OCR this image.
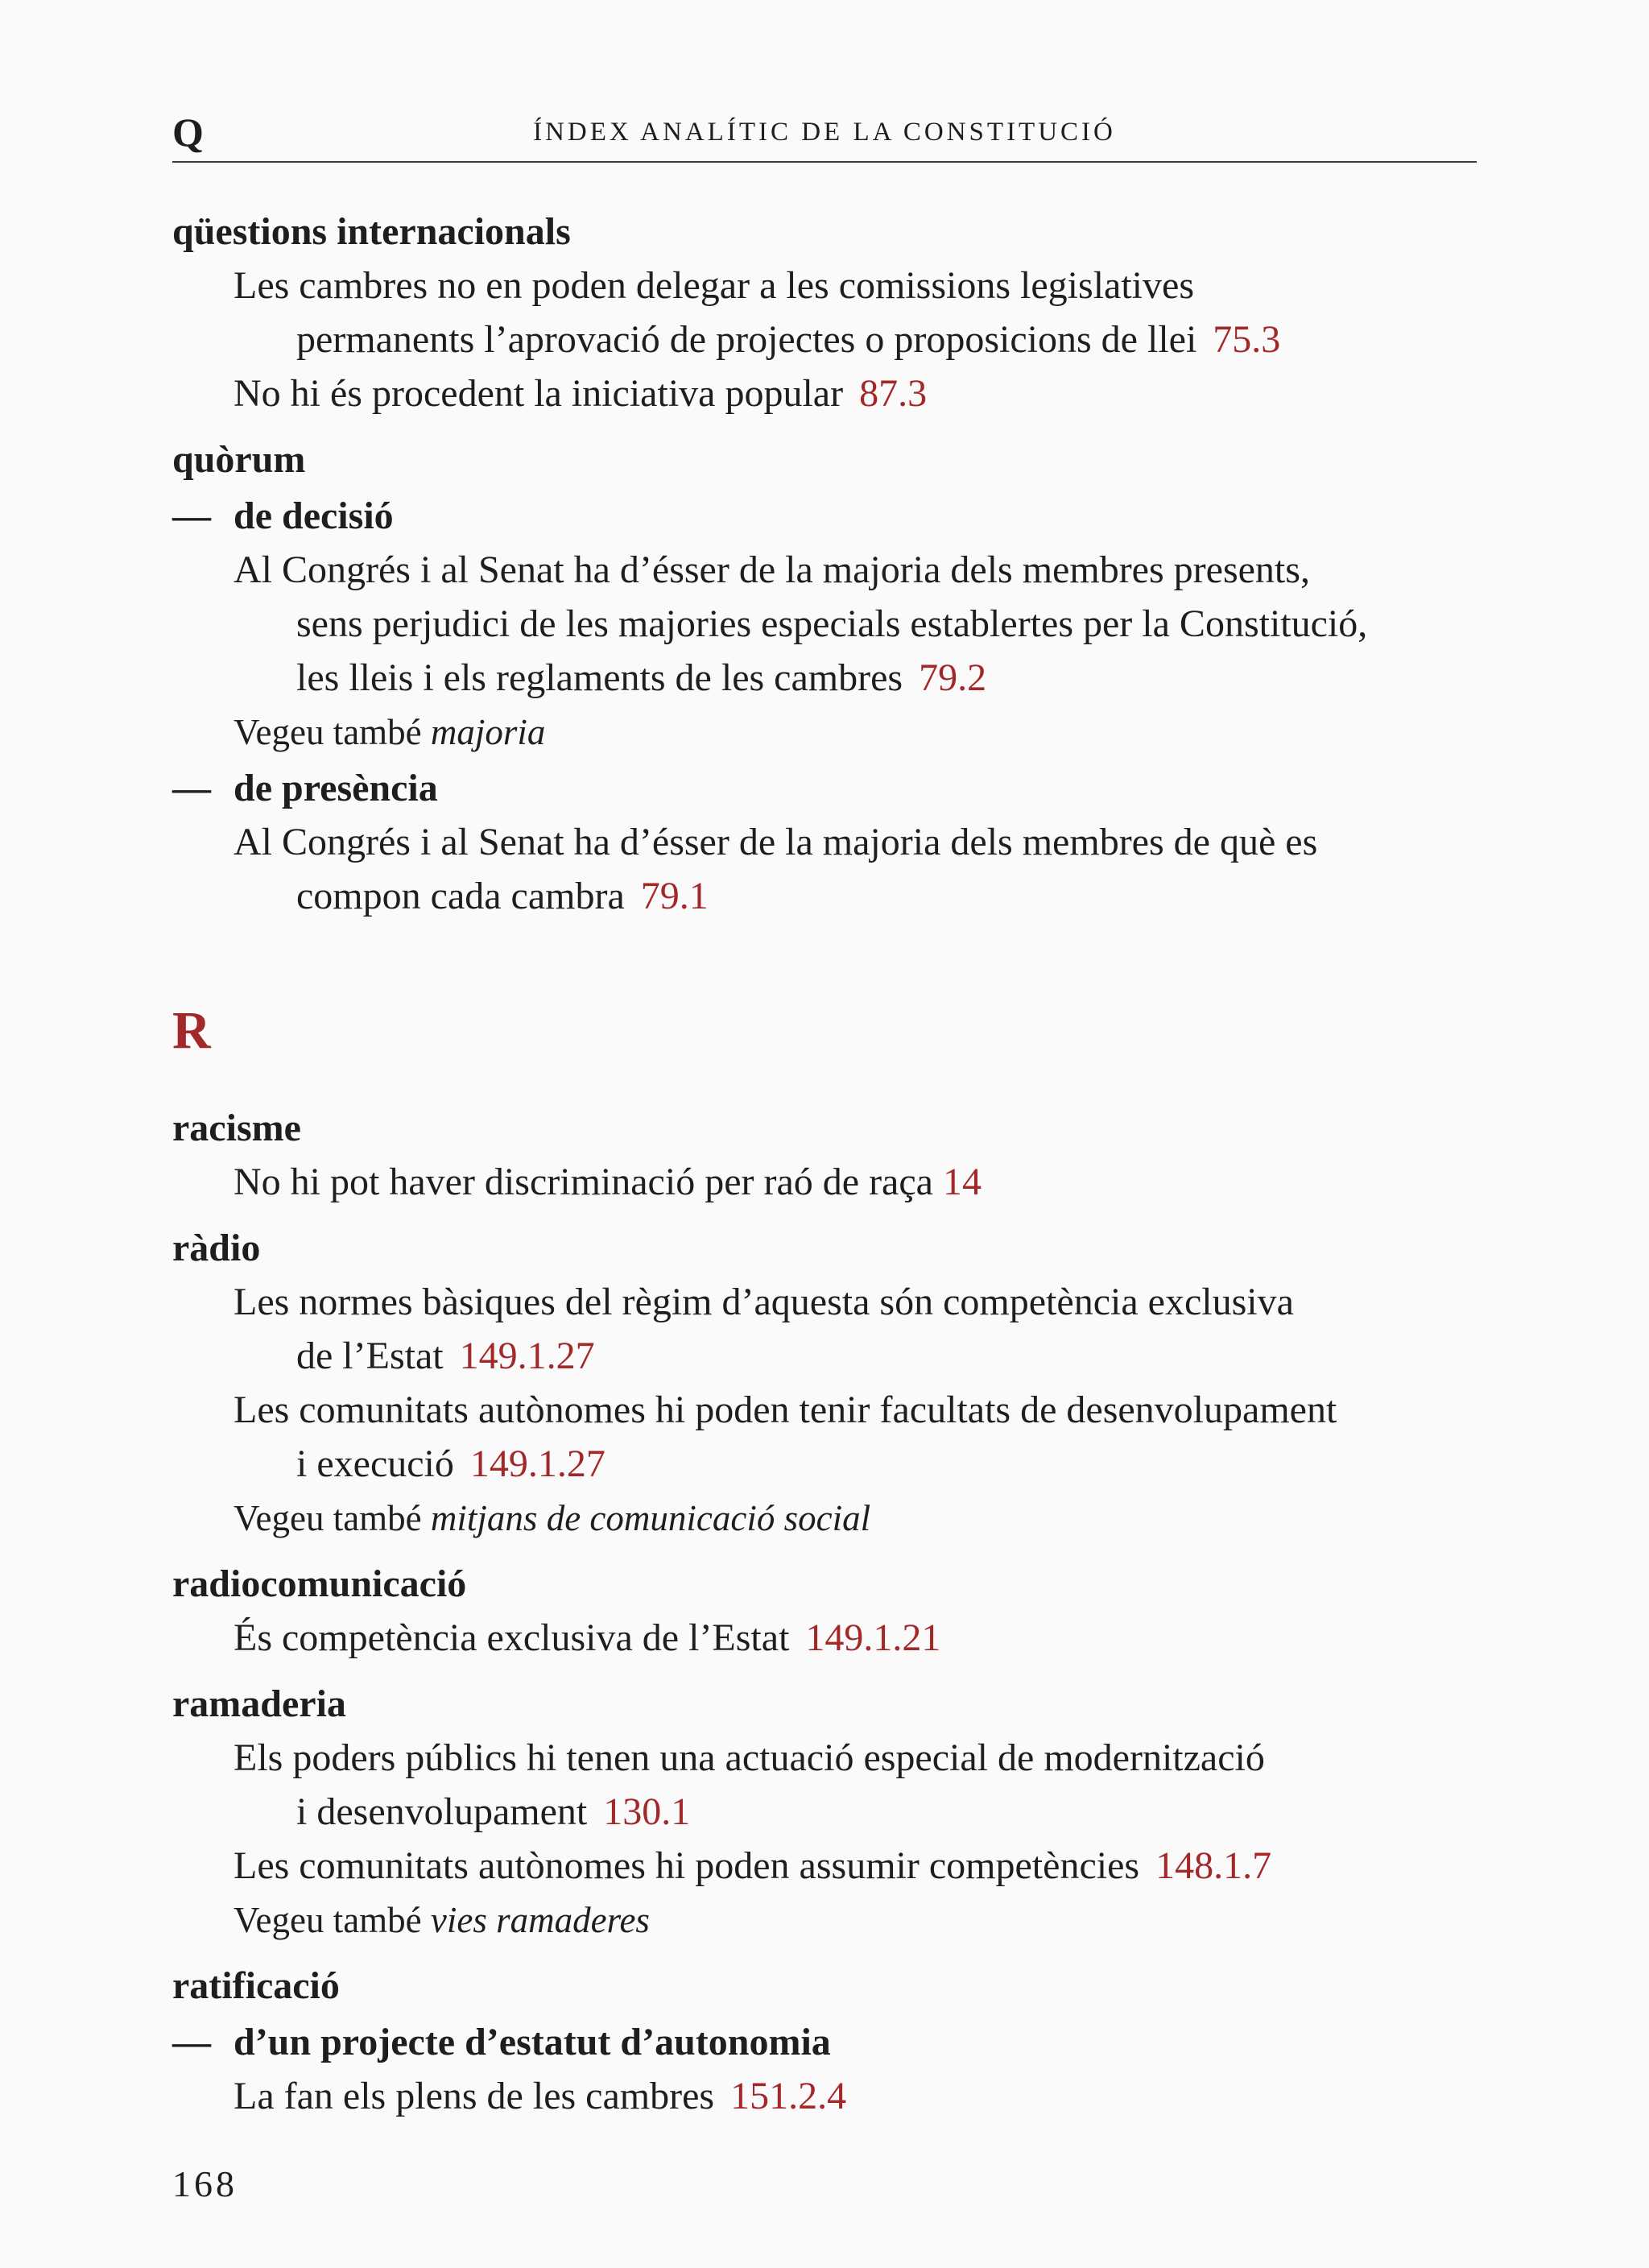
Q	ÍNDEX ANALÍTIC DE LA CONSTITUCIÓ
qüestions internacionals
Les cambres no en poden delegar a les comissions legislatives
permanents l’aprovació de projectes o proposicions de llei 75.3
No hi és procedent la iniciativa popular 87.3
quòrum
— de decisió
Al Congrés i al Senat ha d’ésser de la majoria dels membres presents,
sens perjudici de les majories especials establertes per la Constitució,
les lleis i els reglaments de les cambres 79.2
Vegeu també majoria
— de presència
Al Congrés i al Senat ha d’ésser de la majoria dels membres de què es
compon cada cambra 79.1
R
racisme
No hi pot haver discriminació per raó de raça 14
ràdio
Les normes bàsiques del règim d’aquesta són competència exclusiva
de l’Estat 149.1.27
Les comunitats autònomes hi poden tenir facultats de desenvolupament
i execució 149.1.27
Vegeu també mitjans de comunicació social
radiocomunicació
És competència exclusiva de l’Estat 149.1.21
ramaderia
Els poders públics hi tenen una actuació especial de modernització
i desenvolupament 130.1
Les comunitats autònomes hi poden assumir competències 148.1.7
Vegeu també vies ramaderes
ratificació
— d’un projecte d’estatut d’autonomia
La fan els plens de les cambres 151.2.4
168
